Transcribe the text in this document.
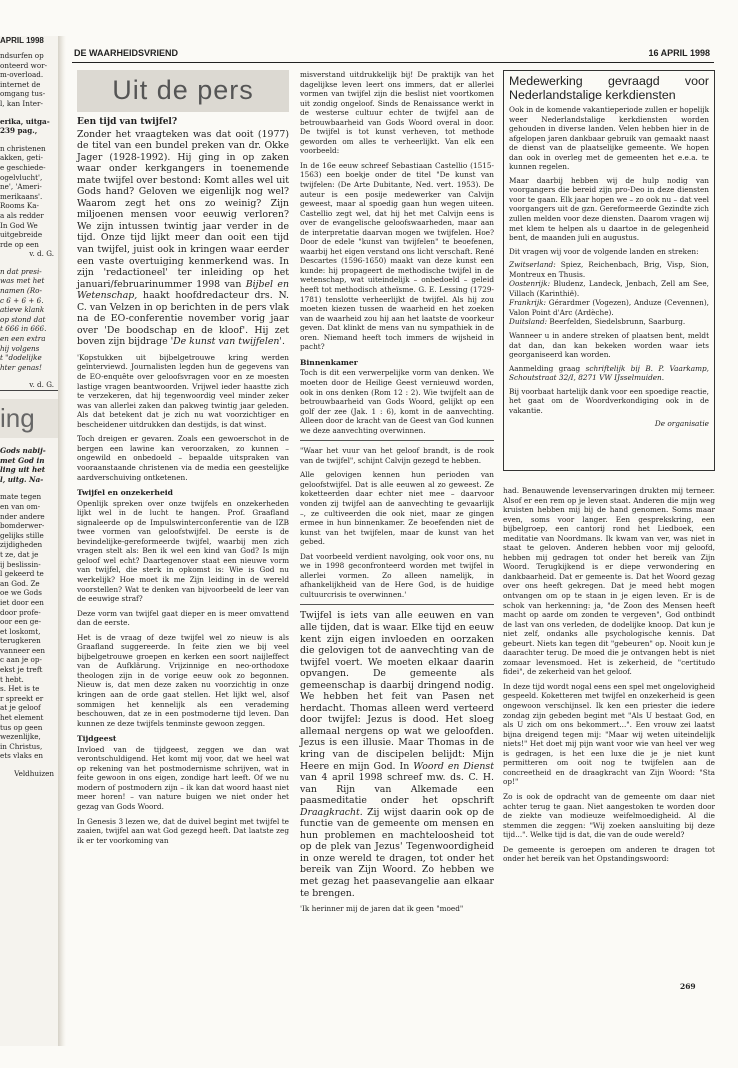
APRIL 1998
ndsurfen op
onteerd wor-
m-overload.
internet de
omgang tus-
l, kan Inter-
erika, uitga-
239 pag.,
n christenen
akken, geti-
e geschiede-
ogelvlucht',
ne', 'Ameri-
merikaans'.
Rooms Ka-
a als redder
In God We
uitgebreide
rde op een
v. d. G.
n dat presi-
was met het
namen (Ro-
c 6 + 6 + 6.
atieve klank
op stond dat
t 666 in 666.
en een extra
hij volgens
t "dodelijke
hter genas!
v. d. G.
ing
Gods nabij-
met God in
ling uit het
l, uitg. Na-
mate tegen
en van om-
nder andere
bomderwer-
gelijks stille
zijdigheden
t ze, dat je
ij beslissin-
l gekeerd te
an God. Ze
oe we Gods
iet door een
door profe-
oor een ge-
et loskomt,
terugkeren
vanneer een
c aan je op-
ekst je treft
t hebt.
s. Het is te
r spreekt er
at je geloof
het element
tus op geen
wezenlijke,
in Christus,
ets vlaks en
Veldhuizen
DE WAARHEIDSVRIEND	16 APRIL 1998
Uit de pers
Een tijd van twijfel?

Zonder het vraagteken was dat ooit (1977) de titel van een bundel preken van dr. Okke Jager (1928-1992). Hij ging in op zaken waar onder kerkgangers in toenemende mate twijfel over bestond: Komt alles wel uit Gods hand? Geloven we eigenlijk nog wel? Waarom zegt het ons zo weinig? Zijn miljoenen mensen voor eeuwig verloren? We zijn intussen twintig jaar verder in de tijd. Onze tijd lijkt meer dan ooit een tijd van twijfel, juist ook in kringen waar eerder een vaste overtuiging kenmerkend was. In zijn 'redactioneel' ter inleiding op het januari/februarinummer 1998 van Bijbel en Wetenschap, haakt hoofdredacteur drs. N. C. van Velzen in op berichten in de pers vlak na de EO-conferentie november vorig jaar over 'De boodschap en de kloof'. Hij zet boven zijn bijdrage 'De kunst van twijfelen'.

'Kopstukken uit bijbelgetrouwe kring werden geïnterviewd. Journalisten legden hun de gegevens van de EO-enquête over geloofsvragen voor en ze moesten lastige vragen beantwoorden. Vrijwel ieder haastte zich te verzekeren, dat hij tegenwoordig veel minder zeker was van allerlei zaken dan pakweg twintig jaar geleden. Als dat betekent dat je zich nu wat voorzichtiger en bescheidener uitdrukken dan destijds, is dat winst.

Toch dreigen er gevaren. Zoals een gewoerschot in de bergen een lawine kan veroorzaken, zo kunnen – ongewild en onbedoeld – bepaalde uitspraken van vooraanstaande christenen via de media een geestelijke aardverschuiving ontketenen.

Twijfel en onzekerheid

Openlijk spreken over onze twijfels en onzekerheden lijkt wel in de lucht te hangen. Prof. Graafland signaleerde op de Impulswinterconferentie van de IZB twee vormen van geloofstwijfel. De eerste is de bevindelijke-gereformeerde twijfel, waarbij men zich vragen stelt als: Ben ik wel een kind van God? Is mijn geloof wel echt? Daartegenover staat een nieuwe vorm van twijfel, die sterk in opkomst is: Wie is God nu werkelijk? Hoe moet ik me Zijn leiding in de wereld voorstellen? Wat te denken van bijvoorbeeld de leer van de eeuwige straf?

Deze vorm van twijfel gaat dieper en is meer omvattend dan de eerste.

Het is de vraag of deze twijfel wel zo nieuw is als Graafland suggereerde. In feite zien we bij veel bijbelgetrouwe groepen en kerken een soort naijleffect van de Aufklärung. Vrijzinnige en neo-orthodoxe theologen zijn in de vorige eeuw ook zo begonnen. Nieuw is, dat men deze zaken nu voorzichtig in onze kringen aan de orde gaat stellen. Het lijkt wel, alsof sommigen het kennelijk als een verademing beschouwen, dat ze in een postmoderne tijd leven. Dan kunnen ze deze twijfels tenminste gewoon zeggen.

Tijdgeest

Invloed van de tijdgeest, zeggen we dan wat verontschuldigend. Het komt mij voor, dat we heel wat op rekening van het postmodernisme schrijven, wat in feite gewoon in ons eigen, zondige hart leeft. Of we nu modern of postmodern zijn – ik kan dat woord haast niet meer horen! – van nature buigen we niet onder het gezag van Gods Woord.

In Genesis 3 lezen we, dat de duivel begint met twijfel te zaaien, twijfel aan wat God gezegd heeft. Dat laatste zeg ik er ter voorkoming van

misverstand uitdrukkelijk bij! De praktijk van het dagelijkse leven leert ons immers, dat er allerlei vormen van twijfel zijn die beslist niet voortkomen uit zondig ongeloof. Sinds de Renaissance werkt in de westerse cultuur echter de twijfel aan de betrouwbaarheid van Gods Woord overal in door. De twijfel is tot kunst verheven, tot methode geworden om alles te verheerlijkt. Van elk een voorbeeld:

In de 16e eeuw schreef Sebastiaan Castellio (1515-1563) een boekje onder de titel "De kunst van twijfelen: (De Arte Dubitante, Ned. vert. 1953). De auteur is een posije medewerker van Calvijn geweest, maar al spoedig gaan hun wegen uiteen. Castellio zegt wel, dat hij het met Calvijn eens is over de evangelische geloofswaarheden, maar aan de interpretatie daarvan mogen we twijfelen. Hoe? Door de edele "kunst van twijfelen" te beoefenen, waarbij het eigen verstand ons licht verschaft. René Descartes (1596-1650) maakt van deze kunst een kunde: hij propageert de methodische twijfel in de wetenschap, wat uiteindelijk – onbedoeld – geleid heeft tot methodisch atheïsme. G. E. Lessing (1729-1781) tenslotte verheerlijkt de twijfel. Als hij zou moeten kiezen tussen de waarheid en het zoeken van de waarheid zou hij aan het laatste de voorkeur geven. Dat klinkt de mens van nu sympathiek in de oren. Niemand heeft toch immers de wijsheid in pacht?

Binnenkamer

Toch is dit een verwerpelijke vorm van denken. We moeten door de Heilige Geest vernieuwd worden, ook in ons denken (Rom 12 : 2). Wie twijfelt aan de betrouwbaarheid van Gods Woord, gelijkt op een golf der zee (Jak. 1 : 6), komt in de aanvechting. Alleen door de kracht van de Geest van God kunnen we deze aanvechting overwinnen.

"Waar het vuur van het geloof brandt, is de rook van de twijfel", schijnt Calvijn gezegd te hebben.

Alle gelovigen kennen hun perioden van geloofstwijfel. Dat is alle eeuwen al zo geweest. Ze koketteerden daar echter niet mee – daarvoor vonden zij twijfel aan de aanvechting te gevaarlijk –, ze cultiveerden die ook niet, maar ze gingen ermee in hun binnenkamer. Ze beoefenden niet de kunst van het twijfelen, maar de kunst van het gebed.

Dat voorbeeld verdient navolging, ook voor ons, nu we in 1998 geconfronteerd worden met twijfel in allerlei vormen. Zo alleen namelijk, in afhankelijkheid van de Here God, is de huidige cultuurcrisis te overwinnen.'

Twijfel is iets van alle eeuwen en van alle tijden, dat is waar. Elke tijd en eeuw kent zijn eigen invloeden en oorzaken die gelovigen tot de aanvechting van de twijfel voert. We moeten elkaar daarin opvangen. De gemeente als gemeenschap is daarbij dringend nodig. We hebben het feit van Pasen net herdacht. Thomas alleen werd verteerd door twijfel: Jezus is dood. Het sloeg allemaal nergens op wat we geloofden. Jezus is een illusie. Maar Thomas in de kring van de discipelen belijdt: Mijn Heere en mijn God. In Woord en Dienst van 4 april 1998 schreef mw. ds. C. H. van Rijn van Alkemade een paasmeditatie onder het opschrift Draagkracht. Zij wijst daarin ook op de functie van de gemeente om mensen en hun problemen en machteloosheid tot op de plek van Jezus' Tegenwoordigheid in onze wereld te dragen, tot onder het bereik van Zijn Woord. Zo hebben we met gezag het paasevangelie aan elkaar te brengen.

'Ik herinner mij de jaren dat ik geen "moed"

Medewerking gevraagd voor Nederlandstalige kerkdiensten

Ook in de komende vakantieperiode zullen er hopelijk weer Nederlandstalige kerkdiensten worden gehouden in diverse landen. Velen hebben hier in de afgelopen jaren dankbaar gebruik van gemaakt naast de dienst van de plaatselijke gemeente. We hopen dan ook in overleg met de gemeenten het e.e.a. te kunnen regelen.

Maar daarbij hebben wij de hulp nodig van voorgangers die bereid zijn pro-Deo in deze diensten voor te gaan. Elk jaar hopen we – zo ook nu – dat veel voorgangers uit de gzn. Gereformeerde Gezindte zich zullen melden voor deze diensten. Daarom vragen wij met klem te helpen als u daartoe in de gelegenheid bent, de maanden juli en augustus.

Dit vragen wij voor de volgende landen en streken:

Zwitserland: Spiez, Reichenbach, Brig, Visp, Sion, Montreux en Thusis.

Oostenrijk: Bludenz, Landeck, Jenbach, Zell am See, Villach (Karinthië).

Frankrijk: Gérardmer (Vogezen), Anduze (Cevennen), Valon Point d'Arc (Ardèche).

Duitsland: Beerfelden, Siedelsbrunn, Saarburg.

Wanneer u in andere streken of plaatsen bent, meldt dat dan, dan kan bekeken worden waar iets georganiseerd kan worden.

Aanmelding graag schriftelijk bij B. P. Vaarkamp, Schoutstraat 32/I, 8271 VW IJsselmuiden.

Bij voorbaat hartelijk dank voor een spoedige reactie, het gaat om de Woordverkondiging ook in de vakantie.

De organisatie

had. Benauwende levenservaringen drukten mij terneer. Alsof er een rem op je leven staat. Anderen die mijn weg kruisten hebben mij bij de hand genomen. Soms maar even, soms voor langer. Een gesprekskring, een bijbelgroep, een cantorij rond het Liedboek, een meditatie van Noordmans. Ik kwam van ver, was niet in staat te geloven. Anderen hebben voor mij geloofd, hebben mij gedragen tot onder het bereik van Zijn Woord. Terugkijkend is er diepe verwondering en dankbaarheid. Dat er gemeente is. Dat het Woord gezag over ons heeft gekregen. Dat je meed hebt mogen ontvangen om op te staan in je eigen leven. Er is de schok van herkenning: ja, "de Zoon des Mensen heeft macht op aarde om zonden te vergeven", God ontbindt de last van ons verleden, de dodelijke knoop. Dat kun je niet zelf, ondanks alle psychologische kennis. Dat gebeurt. Niets kan tegen dit "gebeuren" op. Nooit kun je daarachter terug. De moed die je ontvangen hebt is niet zomaar levensmoed. Het is zekerheid, de "certitudo fidei", de zekerheid van het geloof.

In deze tijd wordt nogal eens een spel met ongelovigheid gespeeld. Koketteren met twijfel en onzekerheid is geen ongewoon verschijnsel. Ik ken een priester die iedere zondag zijn gebeden begint met "Als U bestaat God, en als U zich om ons bekommert...". Een vrouw zei laatst bijna dreigend tegen mij: "Maar wij weten uiteindelijk niets!" Het doet mij pijn want voor wie van heel ver weg is gedragen, is het een luxe die je je niet kunt permitteren om ooit nog te twijfelen aan de concreetheid en de draagkracht van Zijn Woord: "Sta op!"

Zo is ook de opdracht van de gemeente om daar niet achter terug te gaan. Niet aangestoken te worden door de ziekte van modieuze weifelmoedigheid. Al die stemmen die zeggen: "Wij zoeken aansluiting bij deze tijd...". Welke tijd is dat, die van de oude wereld?

De gemeente is geroepen om anderen te dragen tot onder het bereik van het Opstandingswoord:

269
